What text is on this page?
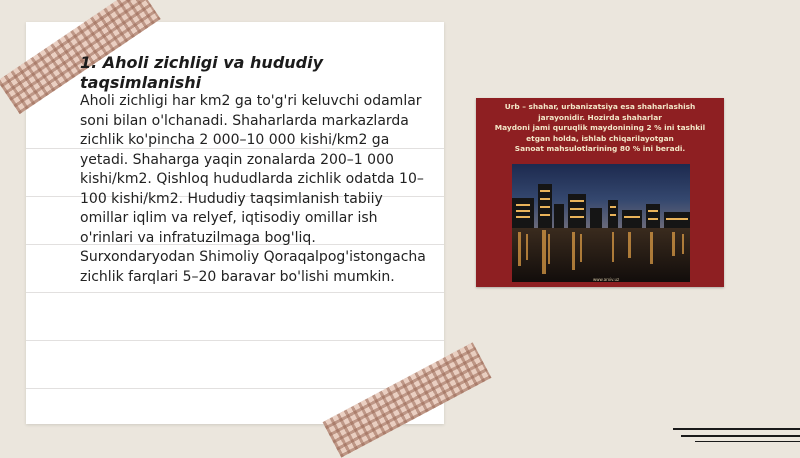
1. Aholi zichligi va hududiy taqsimlanishi

Aholi zichligi har km2 ga to'g'ri keluvchi odamlar soni bilan o'lchanadi. Shaharlarda markazlarda zichlik ko'pincha 2 000–10 000 kishi/km2 ga yetadi. Shaharga yaqin zonalarda 200–1 000 kishi/km2. Qishloq hududlarda zichlik odatda 10–100 kishi/km2. Hududiy taqsimlanish tabiiy omillar iqlim va relyef, iqtisodiy omillar ish o'rinlari va infratuzilmaga bog'liq. Surxondaryodan Shimoliy Qoraqalpog'istongacha zichlik farqlari 5–20 baravar bo'lishi mumkin.

Urb – shahar, urbanizatsiya esa shaharlashish
jarayonidir. Hozirda shaharlar
Maydoni jami quruqlik maydonining 2 % ini tashkil
etgan holda, ishlab chiqarilayotgan
Sanoat mahsulotlarining 80 % ini beradi.
www.arxiv.uz
